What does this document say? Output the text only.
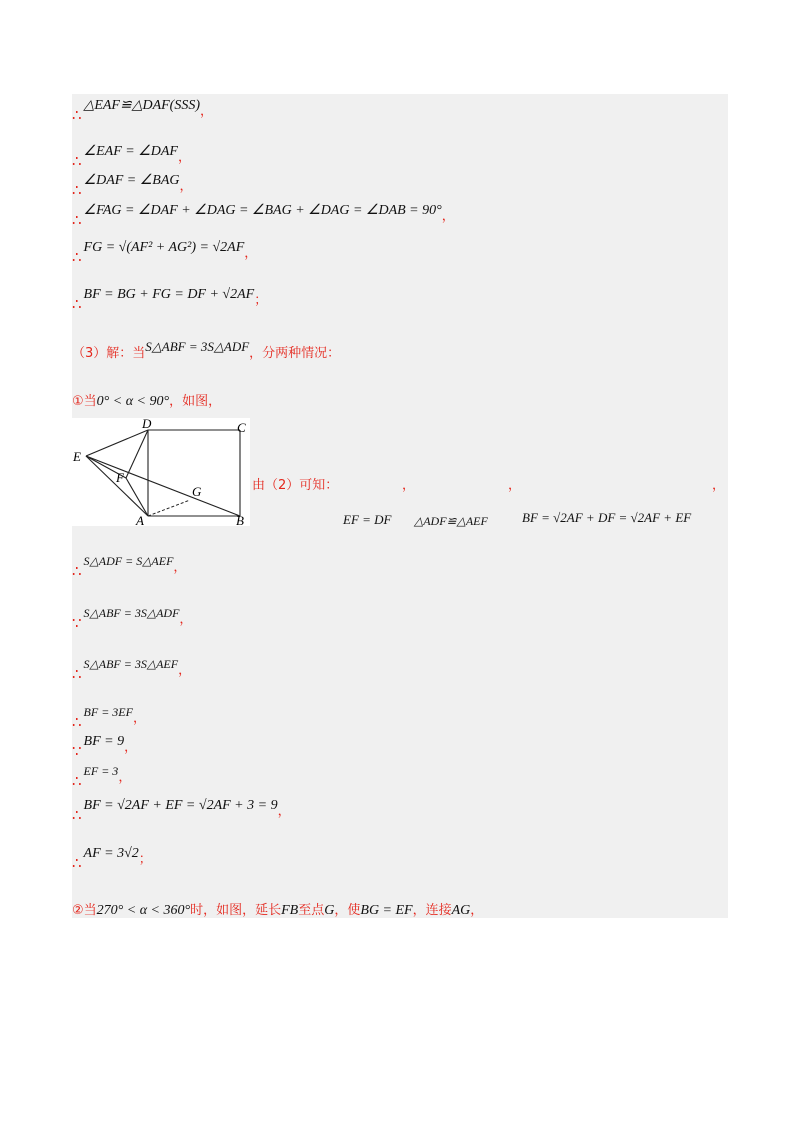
∴△EAF≌△DAF(SSS)，
∴∠EAF = ∠DAF，
∴∠DAF = ∠BAG，
∴∠FAG = ∠DAF + ∠DAG = ∠BAG + ∠DAG = ∠DAB = 90°，
∴FG = √(AF² + AG²) = √2AF，
∴BF = BG + FG = DF + √2AF；
（3）解：当S△ABF = 3S△ADF，分两种情况：
①当0° < α < 90°，如图，
D	C
E
F
G
A	B
由（2）可知：	，	，	，
EF = DF △ADF≌△AEF	BF = √2AF + DF = √2AF + EF
∴S△ADF = S△AEF，
∵S△ABF = 3S△ADF，
∴S△ABF = 3S△AEF，
∴BF = 3EF，
∵BF = 9，
∴EF = 3，
∴BF = √2AF + EF = √2AF + 3 = 9，
∴AF = 3√2；
②当270° < α < 360°时，如图，延长FB至点G，使BG = EF，连接AG，
